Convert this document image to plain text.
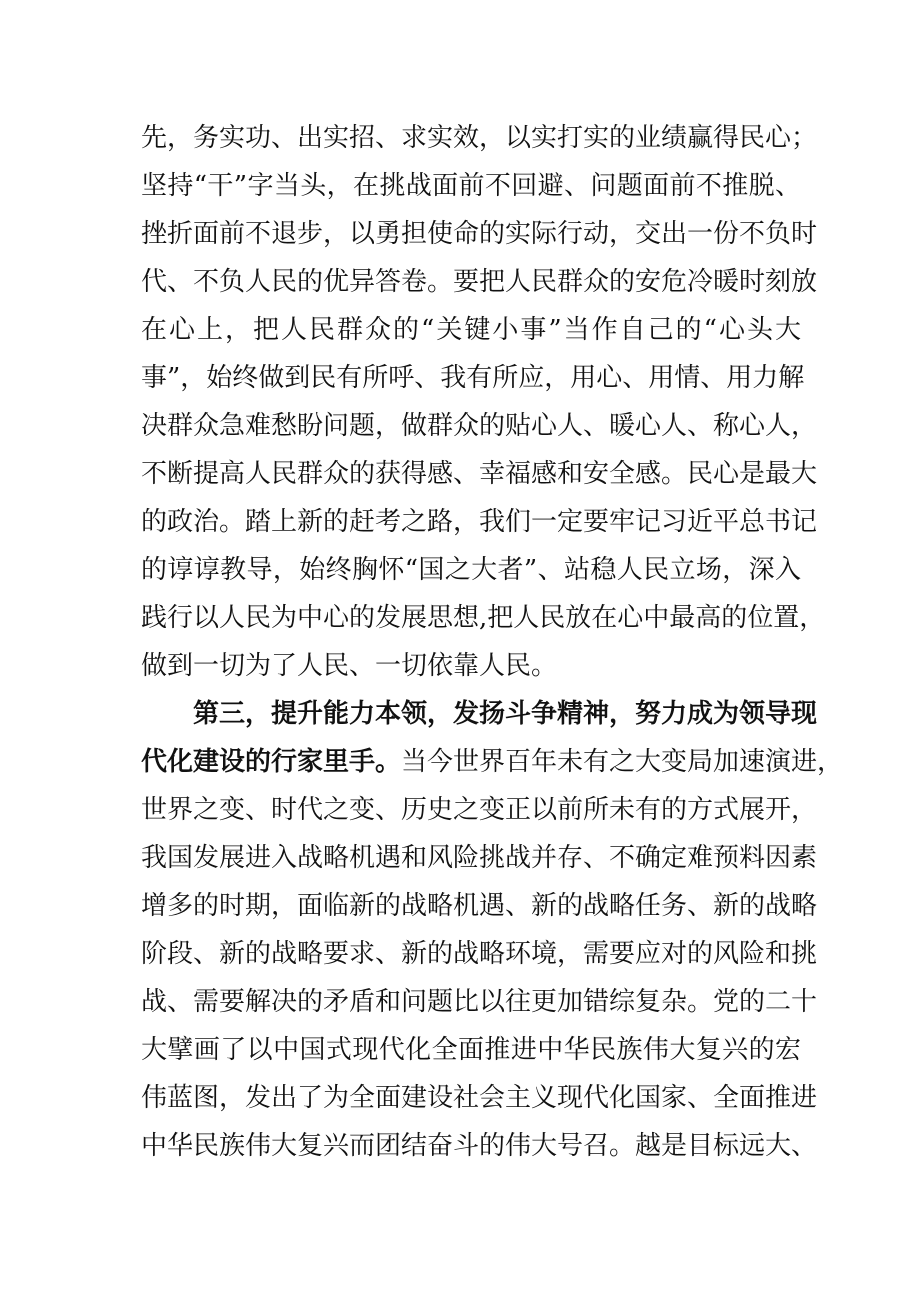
先，务实功、出实招、求实效，以实打实的业绩赢得民心；
坚持“干”字当头，在挑战面前不回避、问题面前不推脱、
挫折面前不退步，以勇担使命的实际行动，交出一份不负时
代、不负人民的优异答卷。要把人民群众的安危冷暖时刻放
在心上，把人民群众的“关键小事”当作自己的“心头大
事”，始终做到民有所呼、我有所应，用心、用情、用力解
决群众急难愁盼问题，做群众的贴心人、暖心人、称心人，
不断提高人民群众的获得感、幸福感和安全感。民心是最大
的政治。踏上新的赶考之路，我们一定要牢记习近平总书记
的谆谆教导，始终胸怀“国之大者”、站稳人民立场，深入
践行以人民为中心的发展思想,把人民放在心中最高的位置，
做到一切为了人民、一切依靠人民。
第三，提升能力本领，发扬斗争精神，努力成为领导现
代化建设的行家里手。当今世界百年未有之大变局加速演进，
世界之变、时代之变、历史之变正以前所未有的方式展开，
我国发展进入战略机遇和风险挑战并存、不确定难预料因素
增多的时期，面临新的战略机遇、新的战略任务、新的战略
阶段、新的战略要求、新的战略环境，需要应对的风险和挑
战、需要解决的矛盾和问题比以往更加错综复杂。党的二十
大擘画了以中国式现代化全面推进中华民族伟大复兴的宏
伟蓝图，发出了为全面建设社会主义现代化国家、全面推进
中华民族伟大复兴而团结奋斗的伟大号召。越是目标远大、
